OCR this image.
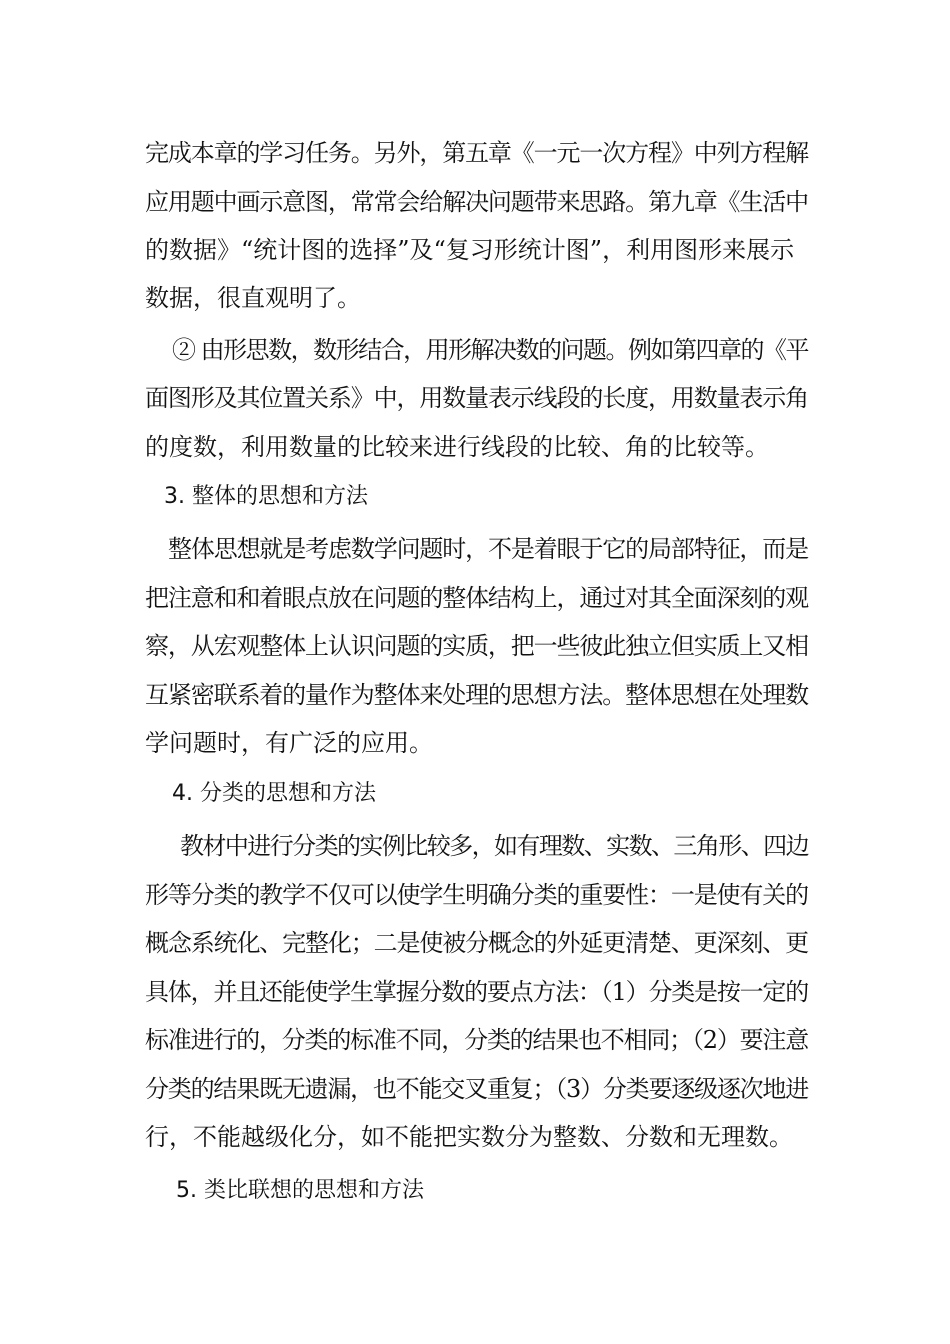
完成本章的学习任务。另外，第五章《一元一次方程》中列方程解
应用题中画示意图，常常会给解决问题带来思路。第九章《生活中
的数据》“统计图的选择”及“复习形统计图”，利用图形来展示
数据，很直观明了。
② 由形思数，数形结合，用形解决数的问题。例如第四章的《平
面图形及其位置关系》中，用数量表示线段的长度，用数量表示角
的度数，利用数量的比较来进行线段的比较、角的比较等。
3. 整体的思想和方法
整体思想就是考虑数学问题时，不是着眼于它的局部特征，而是
把注意和和着眼点放在问题的整体结构上，通过对其全面深刻的观
察，从宏观整体上认识问题的实质，把一些彼此独立但实质上又相
互紧密联系着的量作为整体来处理的思想方法。整体思想在处理数
学问题时，有广泛的应用。
4. 分类的思想和方法
教材中进行分类的实例比较多，如有理数、实数、三角形、四边
形等分类的教学不仅可以使学生明确分类的重要性：一是使有关的
概念系统化、完整化；二是使被分概念的外延更清楚、更深刻、更
具体，并且还能使学生掌握分数的要点方法：（1）分类是按一定的
标准进行的，分类的标准不同，分类的结果也不相同；（2）要注意
分类的结果既无遗漏，也不能交叉重复；（3）分类要逐级逐次地进
行，不能越级化分，如不能把实数分为整数、分数和无理数。
5. 类比联想的思想和方法
